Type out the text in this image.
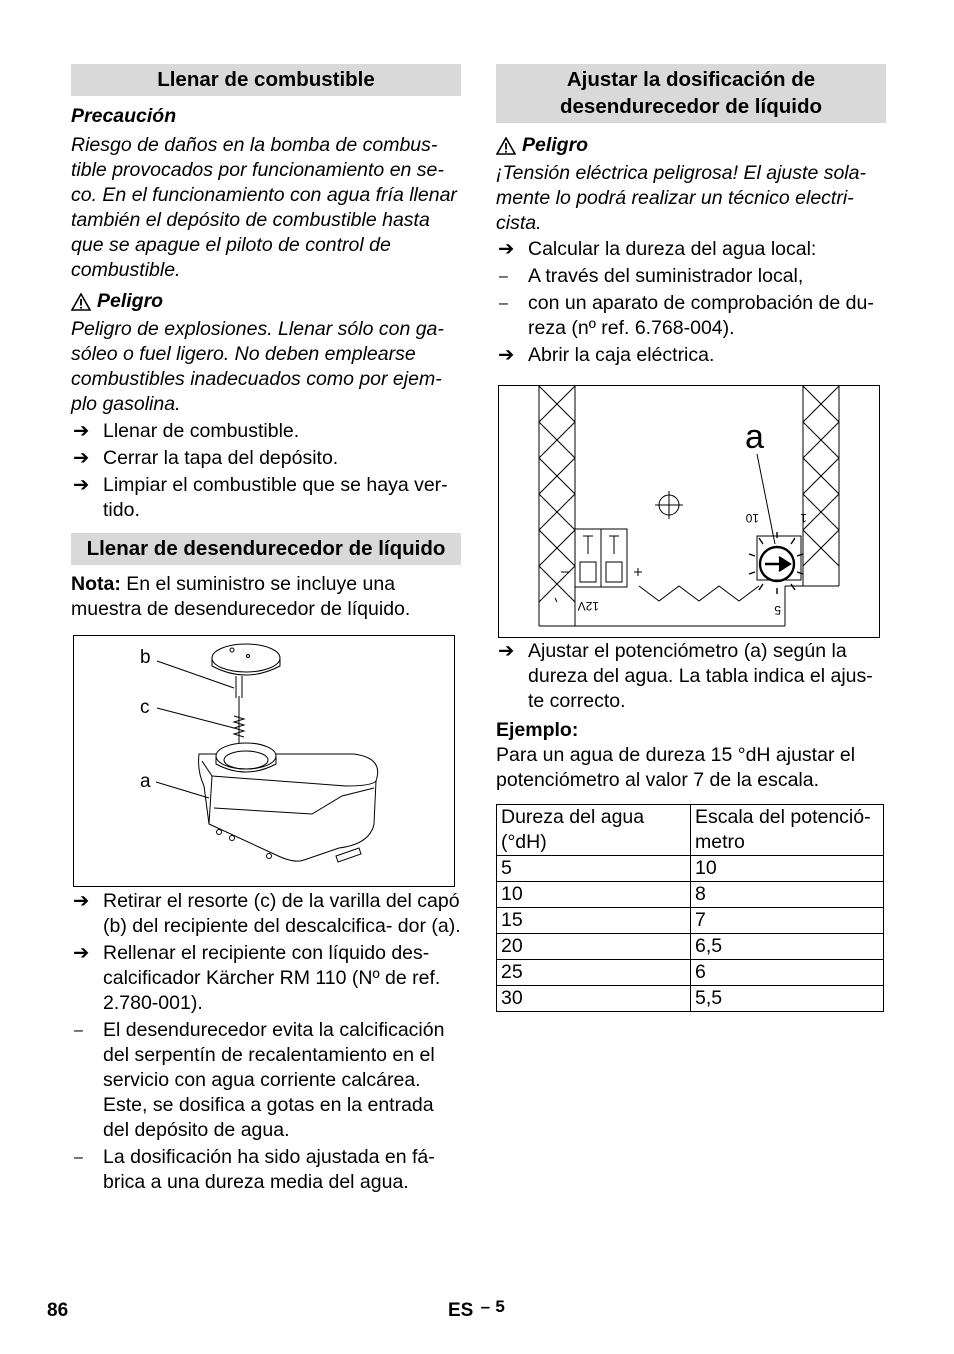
Llenar de combustible

Precaución

Riesgo de daños en la bomba de combus- tible provocados por funcionamiento en se- co. En el funcionamiento con agua fría llenar también el depósito de combustible hasta que se apague el piloto de control de combustible.

Peligro

Peligro de explosiones. Llenar sólo con ga- sóleo o fuel ligero. No deben emplearse combustibles inadecuados como por ejem- plo gasolina.

➔ Llenar de combustible.
➔ Cerrar la tapa del depósito.
➔ Limpiar el combustible que se haya ver- tido.
Llenar de desendurecedor de líquido

Nota: En el suministro se incluye una muestra de desendurecedor de líquido.

b
c
a
➔ Retirar el resorte (c) de la varilla del capó (b) del recipiente del descalcifica- dor (a).
➔ Rellenar el recipiente con líquido des- calcificador Kärcher RM 110 (Nº de ref. 2.780-001).
– El desendurecedor evita la calcificación del serpentín de recalentamiento en el servicio con agua corriente calcárea. Este, se dosifica a gotas en la entrada del depósito de agua.
– La dosificación ha sido ajustada en fá- brica a una dureza media del agua.
Ajustar la dosificación de desendurecedor de líquido
Peligro

¡Tensión eléctrica peligrosa! El ajuste sola- mente lo podrá realizar un técnico electri- cista.

➔ Calcular la dureza del agua local:
– A través del suministrador local,
– con un aparato de comprobación de du- reza (nº ref. 6.768-004).
➔ Abrir la caja eléctrica.
a
10	1
5
12V
➔ Ajustar el potenciómetro (a) según la dureza del agua. La tabla indica el ajus- te correcto.

Ejemplo:

Para un agua de dureza 15 °dH ajustar el potenciómetro al valor 7 de la escala.

Dureza del agua (°dH)	Escala del potenció- metro
5	10
10	8
15	7
20	6,5
25	6
30	5,5
86	ES – 5
